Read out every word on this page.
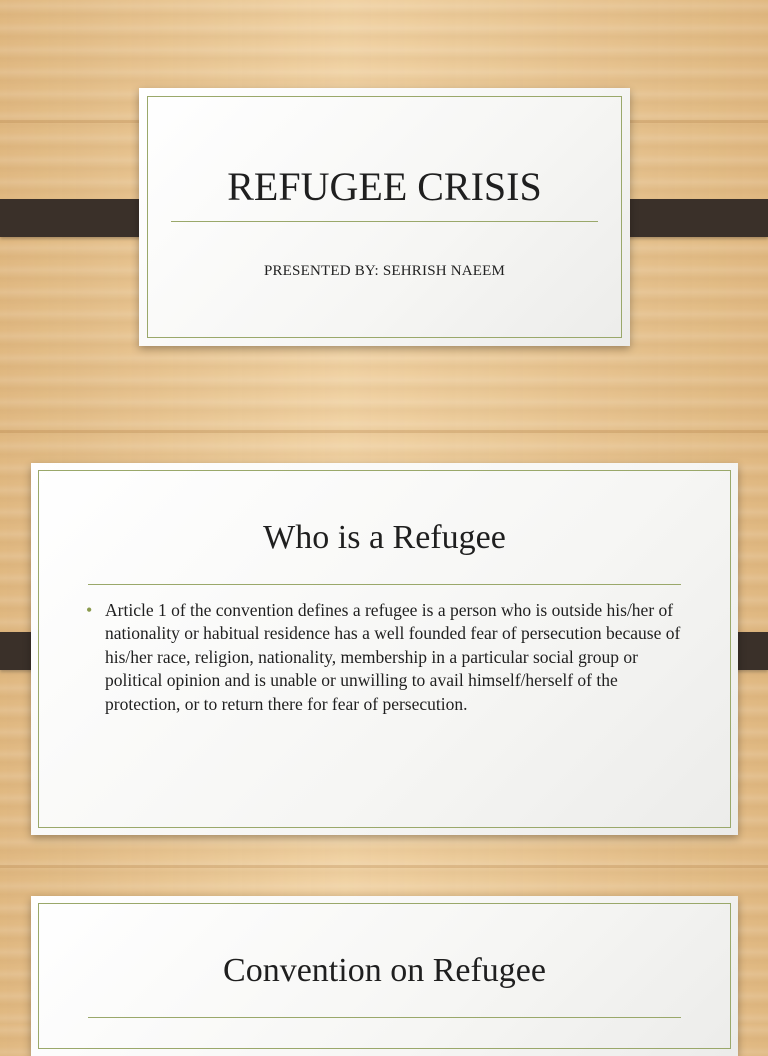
REFUGEE CRISIS
PRESENTED BY: SEHRISH NAEEM
Who is a Refugee
• Article 1 of the convention defines a refugee is a person who is outside his/her of nationality or habitual residence has a well founded fear of persecution because of his/her race, religion, nationality, membership in a particular social group or political opinion and is unable or unwilling to avail himself/herself of the protection, or to return there for fear of persecution.
Convention on Refugee
